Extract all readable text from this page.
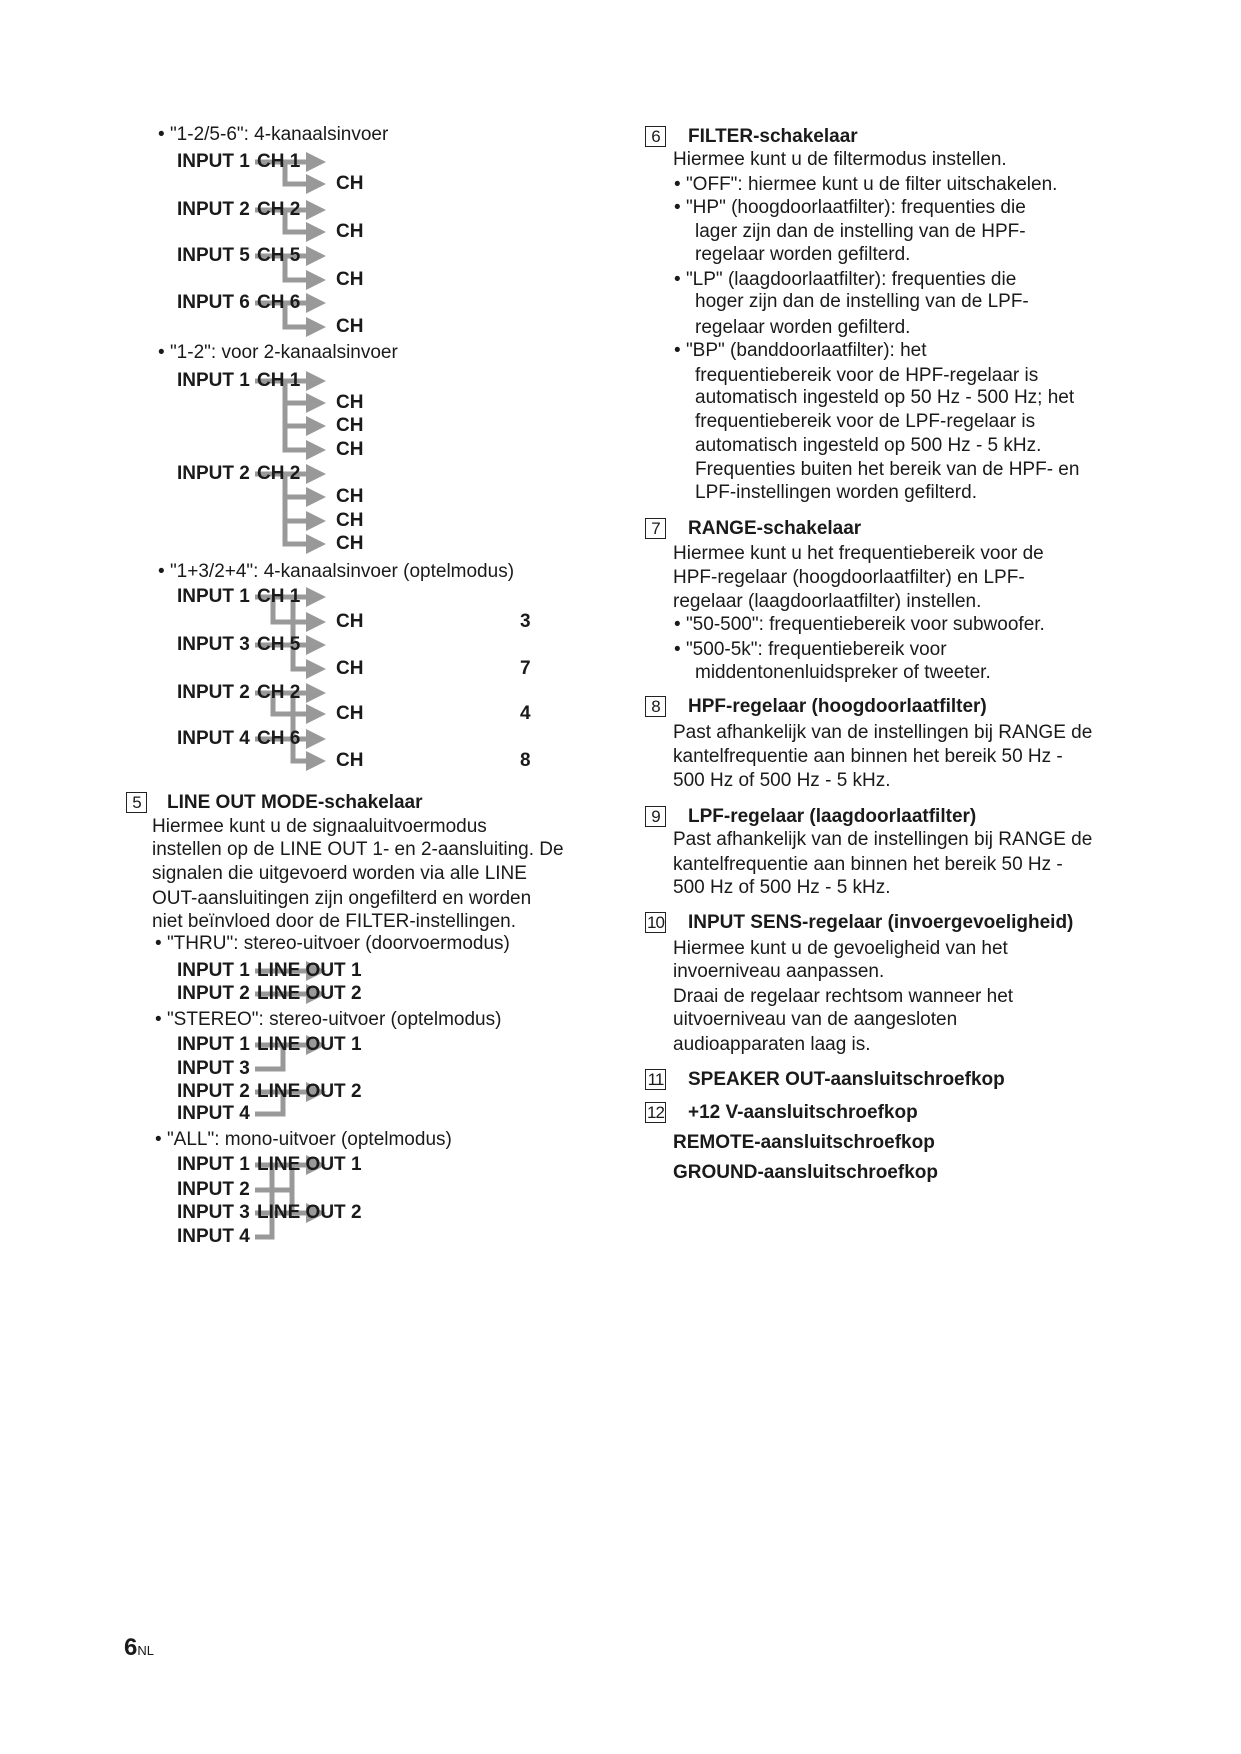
• "1-2/5-6": 4-kanaalsinvoer
INPUT 1 CH 1
CH
INPUT 2 CH 2
CH
INPUT 5 CH 5
CH
INPUT 6 CH 6
CH
• "1-2": voor 2-kanaalsinvoer
INPUT 1 CH 1
CH
CH
CH
INPUT 2 CH 2
CH
CH
CH
• "1+3/2+4": 4-kanaalsinvoer (optelmodus)
INPUT 1 CH 1
CH	3
INPUT 3 CH 5
CH	7
INPUT 2 CH 2
CH	4
INPUT 4 CH 6
CH	8
5	LINE OUT MODE-schakelaar
Hiermee kunt u de signaaluitvoermodus
instellen op de LINE OUT 1- en 2-aansluiting. De
signalen die uitgevoerd worden via alle LINE
OUT-aansluitingen zijn ongefilterd en worden
niet beïnvloed door de FILTER-instellingen.
• "THRU": stereo-uitvoer (doorvoermodus)
INPUT 1 LINE OUT 1
INPUT 2 LINE OUT 2
• "STEREO": stereo-uitvoer (optelmodus)
INPUT 1 LINE OUT 1
INPUT 3
INPUT 2 LINE OUT 2
INPUT 4
• "ALL": mono-uitvoer (optelmodus)
INPUT 1 LINE OUT 1
INPUT 2
INPUT 3 LINE OUT 2
INPUT 4
6	FILTER-schakelaar
Hiermee kunt u de filtermodus instellen.
• "OFF": hiermee kunt u de filter uitschakelen.
• "HP" (hoogdoorlaatfilter): frequenties die
lager zijn dan de instelling van de HPF-
regelaar worden gefilterd.
• "LP" (laagdoorlaatfilter): frequenties die
hoger zijn dan de instelling van de LPF-
regelaar worden gefilterd.
• "BP" (banddoorlaatfilter): het
frequentiebereik voor de HPF-regelaar is
automatisch ingesteld op 50 Hz - 500 Hz; het
frequentiebereik voor de LPF-regelaar is
automatisch ingesteld op 500 Hz - 5 kHz.
Frequenties buiten het bereik van de HPF- en
LPF-instellingen worden gefilterd.
7	RANGE-schakelaar
Hiermee kunt u het frequentiebereik voor de
HPF-regelaar (hoogdoorlaatfilter) en LPF-
regelaar (laagdoorlaatfilter) instellen.
• "50-500": frequentiebereik voor subwoofer.
• "500-5k": frequentiebereik voor
middentonenluidspreker of tweeter.
8	HPF-regelaar (hoogdoorlaatfilter)
Past afhankelijk van de instellingen bij RANGE de
kantelfrequentie aan binnen het bereik 50 Hz -
500 Hz of 500 Hz - 5 kHz.
9	LPF-regelaar (laagdoorlaatfilter)
Past afhankelijk van de instellingen bij RANGE de
kantelfrequentie aan binnen het bereik 50 Hz -
500 Hz of 500 Hz - 5 kHz.
10 INPUT SENS-regelaar (invoergevoeligheid)
Hiermee kunt u de gevoeligheid van het
invoerniveau aanpassen.
Draai de regelaar rechtsom wanneer het
uitvoerniveau van de aangesloten
audioapparaten laag is.
11 SPEAKER OUT-aansluitschroefkop
12 +12 V-aansluitschroefkop
REMOTE-aansluitschroefkop
GROUND-aansluitschroefkop
6NL
